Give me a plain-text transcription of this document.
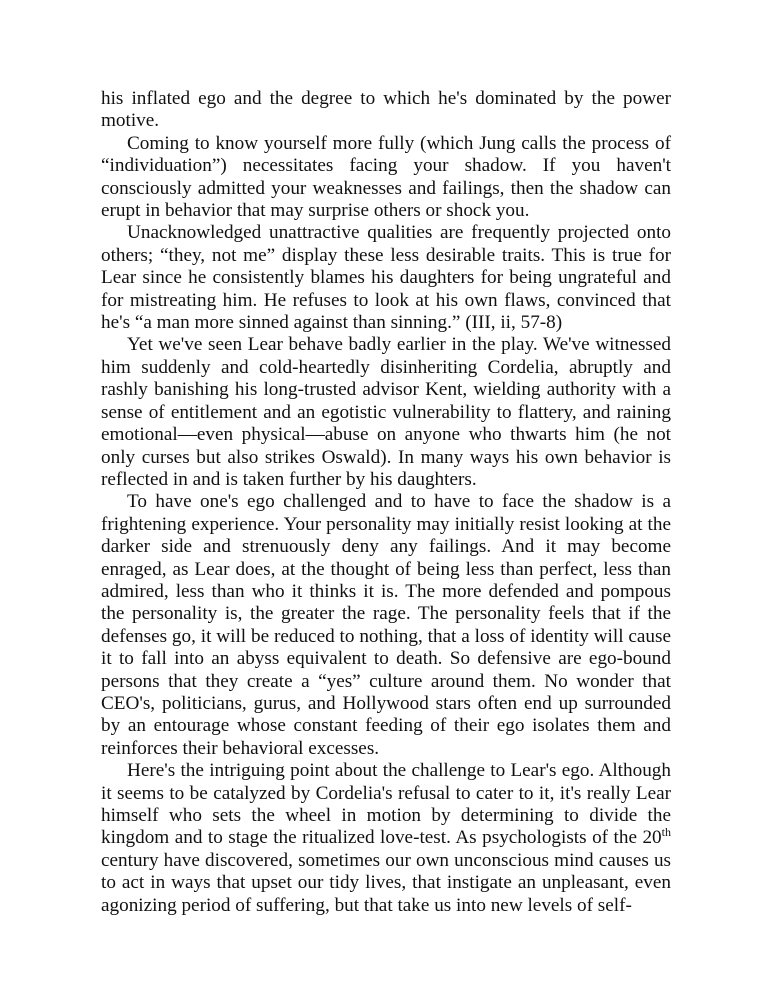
his inflated ego and the degree to which he's dominated by the power motive.

Coming to know yourself more fully (which Jung calls the process of “individuation”) necessitates facing your shadow. If you haven't consciously admitted your weaknesses and failings, then the shadow can erupt in behavior that may surprise others or shock you.

Unacknowledged unattractive qualities are frequently projected onto others; “they, not me” display these less desirable traits. This is true for Lear since he consistently blames his daughters for being ungrateful and for mistreating him. He refuses to look at his own flaws, convinced that he's “a man more sinned against than sinning.” (III, ii, 57-8)

Yet we've seen Lear behave badly earlier in the play. We've witnessed him suddenly and cold-heartedly disinheriting Cordelia, abruptly and rashly banishing his long-trusted advisor Kent, wielding authority with a sense of entitlement and an egotistic vulnerability to flattery, and raining emotional—even physical—abuse on anyone who thwarts him (he not only curses but also strikes Oswald). In many ways his own behavior is reflected in and is taken further by his daughters.

To have one's ego challenged and to have to face the shadow is a frightening experience. Your personality may initially resist looking at the darker side and strenuously deny any failings. And it may become enraged, as Lear does, at the thought of being less than perfect, less than admired, less than who it thinks it is. The more defended and pompous the personality is, the greater the rage. The personality feels that if the defenses go, it will be reduced to nothing, that a loss of identity will cause it to fall into an abyss equivalent to death. So defensive are ego-bound persons that they create a “yes” culture around them. No wonder that CEO's, politicians, gurus, and Hollywood stars often end up surrounded by an entourage whose constant feeding of their ego isolates them and reinforces their behavioral excesses.

Here's the intriguing point about the challenge to Lear's ego. Although it seems to be catalyzed by Cordelia's refusal to cater to it, it's really Lear himself who sets the wheel in motion by determining to divide the kingdom and to stage the ritualized love-test. As psychologists of the 20th century have discovered, sometimes our own unconscious mind causes us to act in ways that upset our tidy lives, that instigate an unpleasant, even agonizing period of suffering, but that take us into new levels of self-
